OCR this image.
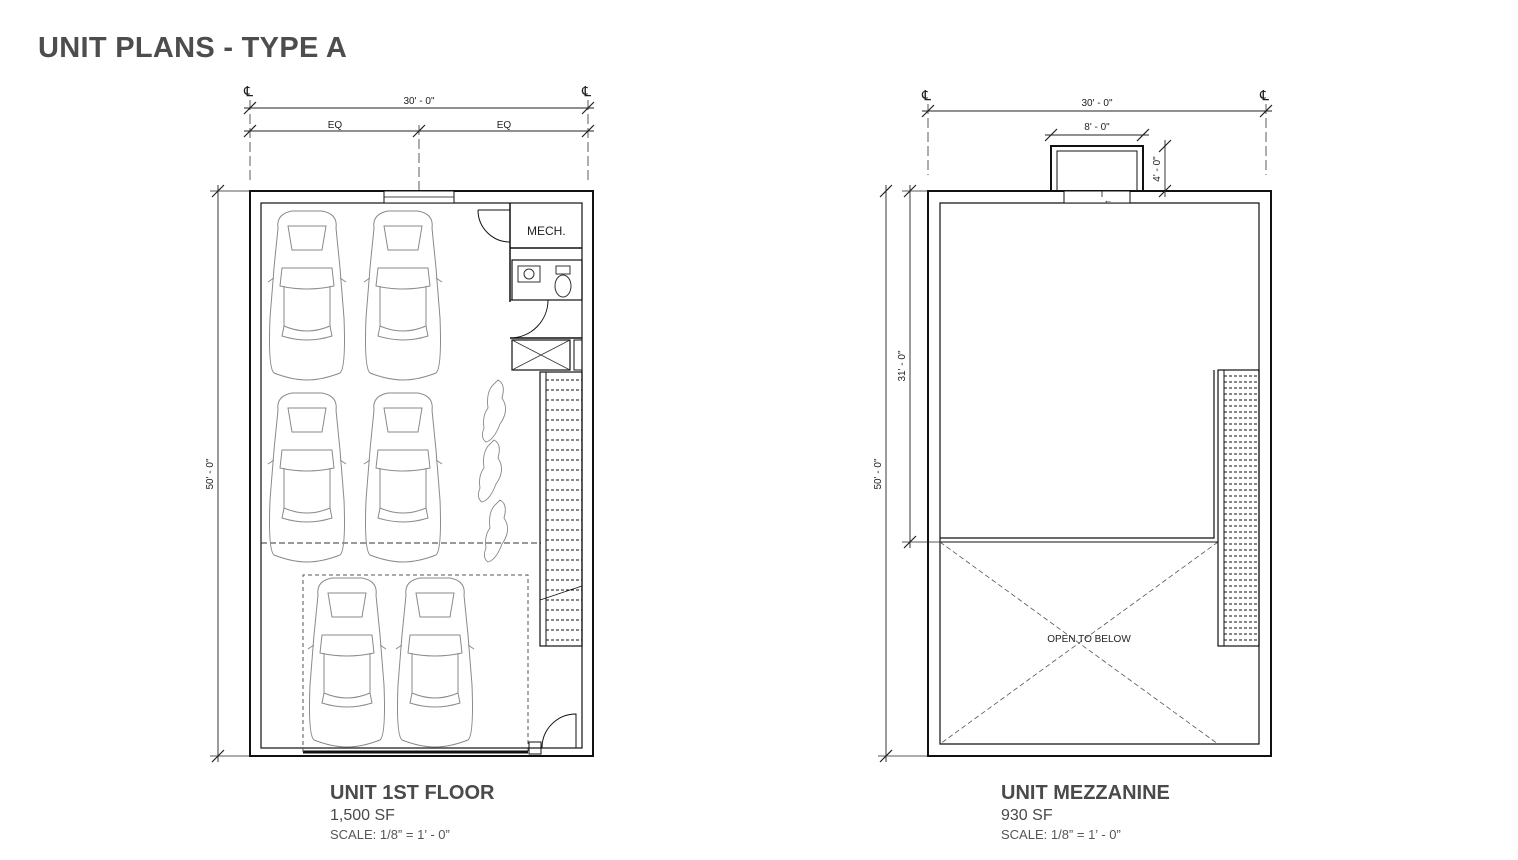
UNIT PLANS - TYPE A
℄	℄
30' - 0"
EQ	EQ
50' - 0"
MECH.
←
OPEN TO BELOW
℄	℄
30' - 0"
8' - 0"
4' - 0"
50' - 0"
31' - 0"
UNIT 1ST FLOOR
1,500 SF
SCALE: 1/8” = 1’ - 0”
UNIT MEZZANINE
930 SF
SCALE: 1/8” = 1’ - 0”
